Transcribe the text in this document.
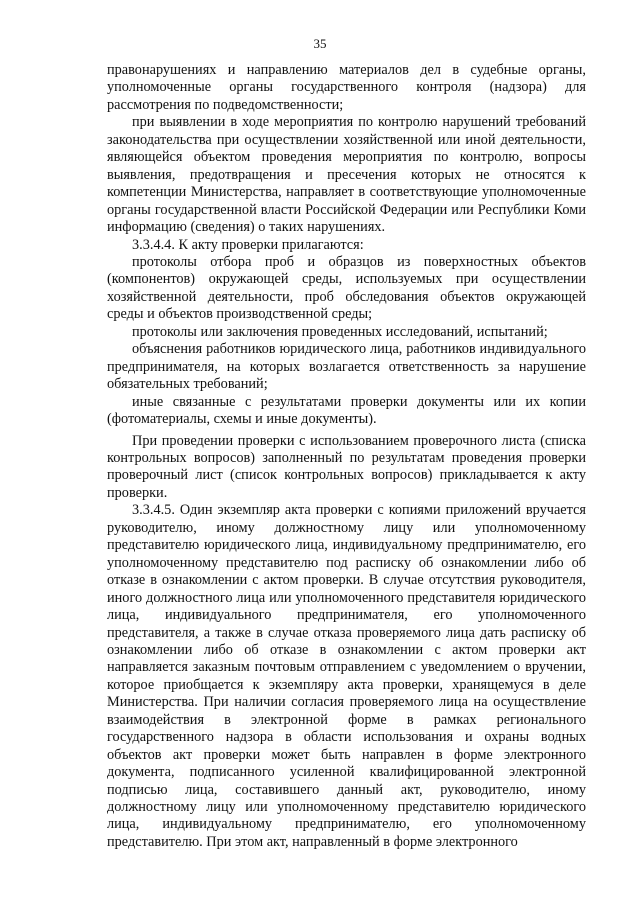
35

правонарушениях и направлению материалов дел в судебные органы, уполномоченные органы государственного контроля (надзора) для рассмотрения по подведомственности;

при выявлении в ходе мероприятия по контролю нарушений требований законодательства при осуществлении хозяйственной или иной деятельности, являющейся объектом проведения мероприятия по контролю, вопросы выявления, предотвращения и пресечения которых не относятся к компетенции Министерства, направляет в соответствующие уполномоченные органы государственной власти Российской Федерации или Республики Коми информацию (сведения) о таких нарушениях.

3.3.4.4. К акту проверки прилагаются:

протоколы отбора проб и образцов из поверхностных объектов (компонентов) окружающей среды, используемых при осуществлении хозяйственной деятельности, проб обследования объектов окружающей среды и объектов производственной среды;

протоколы или заключения проведенных исследований, испытаний;

объяснения работников юридического лица, работников индивидуального предпринимателя, на которых возлагается ответственность за нарушение обязательных требований;

иные связанные с результатами проверки документы или их копии (фотоматериалы, схемы и иные документы).

При проведении проверки с использованием проверочного листа (списка контрольных вопросов) заполненный по результатам проведения проверки проверочный лист (список контрольных вопросов) прикладывается к акту проверки.

3.3.4.5. Один экземпляр акта проверки с копиями приложений вручается руководителю, иному должностному лицу или уполномоченному представителю юридического лица, индивидуальному предпринимателю, его уполномоченному представителю под расписку об ознакомлении либо об отказе в ознакомлении с актом проверки. В случае отсутствия руководителя, иного должностного лица или уполномоченного представителя юридического лица, индивидуального предпринимателя, его уполномоченного представителя, а также в случае отказа проверяемого лица дать расписку об ознакомлении либо об отказе в ознакомлении с актом проверки акт направляется заказным почтовым отправлением с уведомлением о вручении, которое приобщается к экземпляру акта проверки, хранящемуся в деле Министерства. При наличии согласия проверяемого лица на осуществление взаимодействия в электронной форме в рамках регионального государственного надзора в области использования и охраны водных объектов акт проверки может быть направлен в форме электронного документа, подписанного усиленной квалифицированной электронной подписью лица, составившего данный акт, руководителю, иному должностному лицу или уполномоченному представителю юридического лица, индивидуальному предпринимателю, его уполномоченному представителю. При этом акт, направленный в форме электронного
